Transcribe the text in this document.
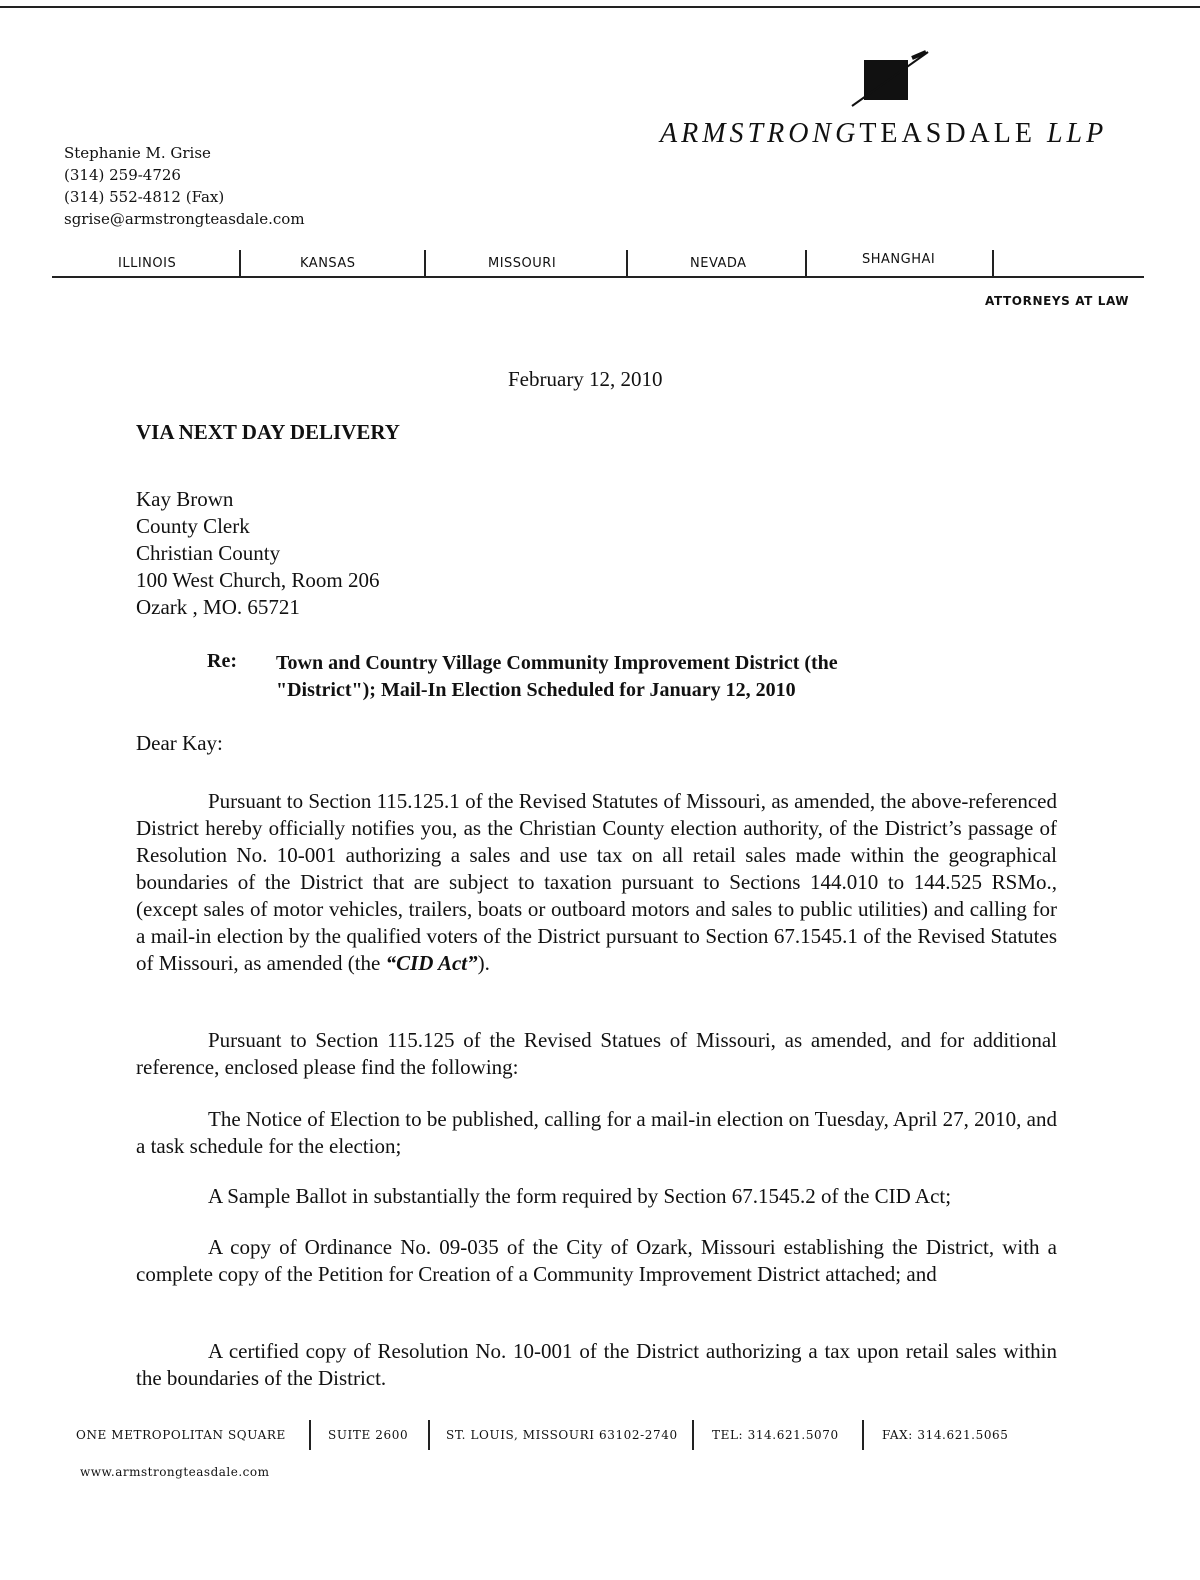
Stephanie M. Grise
(314) 259-4726
(314) 552-4812 (Fax)
sgrise@armstrongteasdale.com
ARMSTRONGTEASDALE LLP
ILLINOIS	KANSAS	MISSOURI	NEVADA	SHANGHAI
ATTORNEYS AT LAW
February 12, 2010
VIA NEXT DAY DELIVERY
Kay Brown
County Clerk
Christian County
100 West Church, Room 206
Ozark , MO. 65721
Re: Town and Country Village Community Improvement District (the
"District"); Mail-In Election Scheduled for January 12, 2010
Dear Kay:
Pursuant to Section 115.125.1 of the Revised Statutes of Missouri, as amended, the above-referenced District hereby officially notifies you, as the Christian County election authority, of the District’s passage of Resolution No. 10-001 authorizing a sales and use tax on all retail sales made within the geographical boundaries of the District that are subject to taxation pursuant to Sections 144.010 to 144.525 RSMo., (except sales of motor vehicles, trailers, boats or outboard motors and sales to public utilities) and calling for a mail-in election by the qualified voters of the District pursuant to Section 67.1545.1 of the Revised Statutes of Missouri, as amended (the “CID Act”).
Pursuant to Section 115.125 of the Revised Statues of Missouri, as amended, and for additional reference, enclosed please find the following:
The Notice of Election to be published, calling for a mail-in election on Tuesday, April 27, 2010, and a task schedule for the election;
A Sample Ballot in substantially the form required by Section 67.1545.2 of the CID Act;
A copy of Ordinance No. 09-035 of the City of Ozark, Missouri establishing the District, with a complete copy of the Petition for Creation of a Community Improvement District attached; and
A certified copy of Resolution No. 10-001 of the District authorizing a tax upon retail sales within the boundaries of the District.
ONE METROPOLITAN SQUARE	SUITE 2600	ST. LOUIS, MISSOURI 63102-2740	TEL: 314.621.5070	FAX: 314.621.5065
www.armstrongteasdale.com
